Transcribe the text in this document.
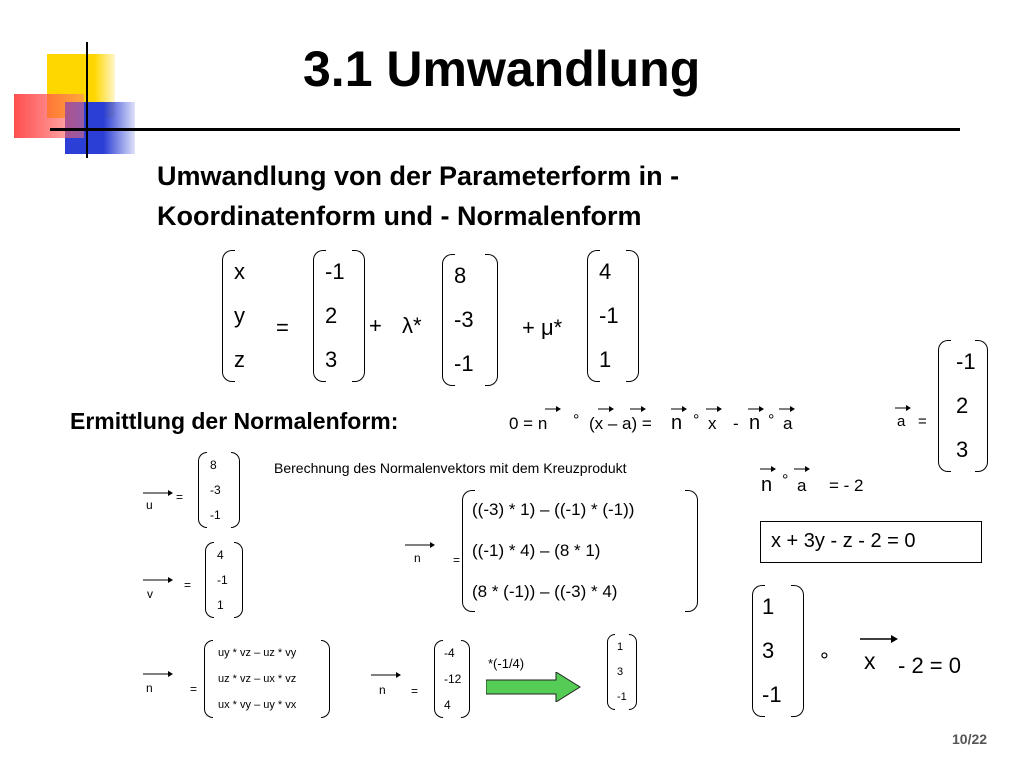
3.1 Umwandlung
Umwandlung von der Parameterform in -
Koordinatenform und - Normalenform
x
y
z
=
-1
2
3
+ λ*
8
-3
-1
+ μ*
4
-1
1
Ermittlung der Normalenform:	0 = n ° (x – a) = n ° x - n ° a	a =
-1
2
3
Berechnung des Normalenvektors mit dem Kreuzprodukt
u
=
8
-3
-1
v
=
4
-1
1
n	=
((-3) * 1) – ((-1) * (-1))
((-1) * 4) – (8 * 1)
(8 * (-1)) – ((-3) * 4)
n	=
uy * vz – uz * vy
uz * vz – ux * vz
ux * vy – uy * vx
n =
-4
-12
4
*(-1/4)
1
3
-1
n ° a = - 2
x + 3y - z - 2 = 0
1
3
-1
° x - 2 = 0
10/22
